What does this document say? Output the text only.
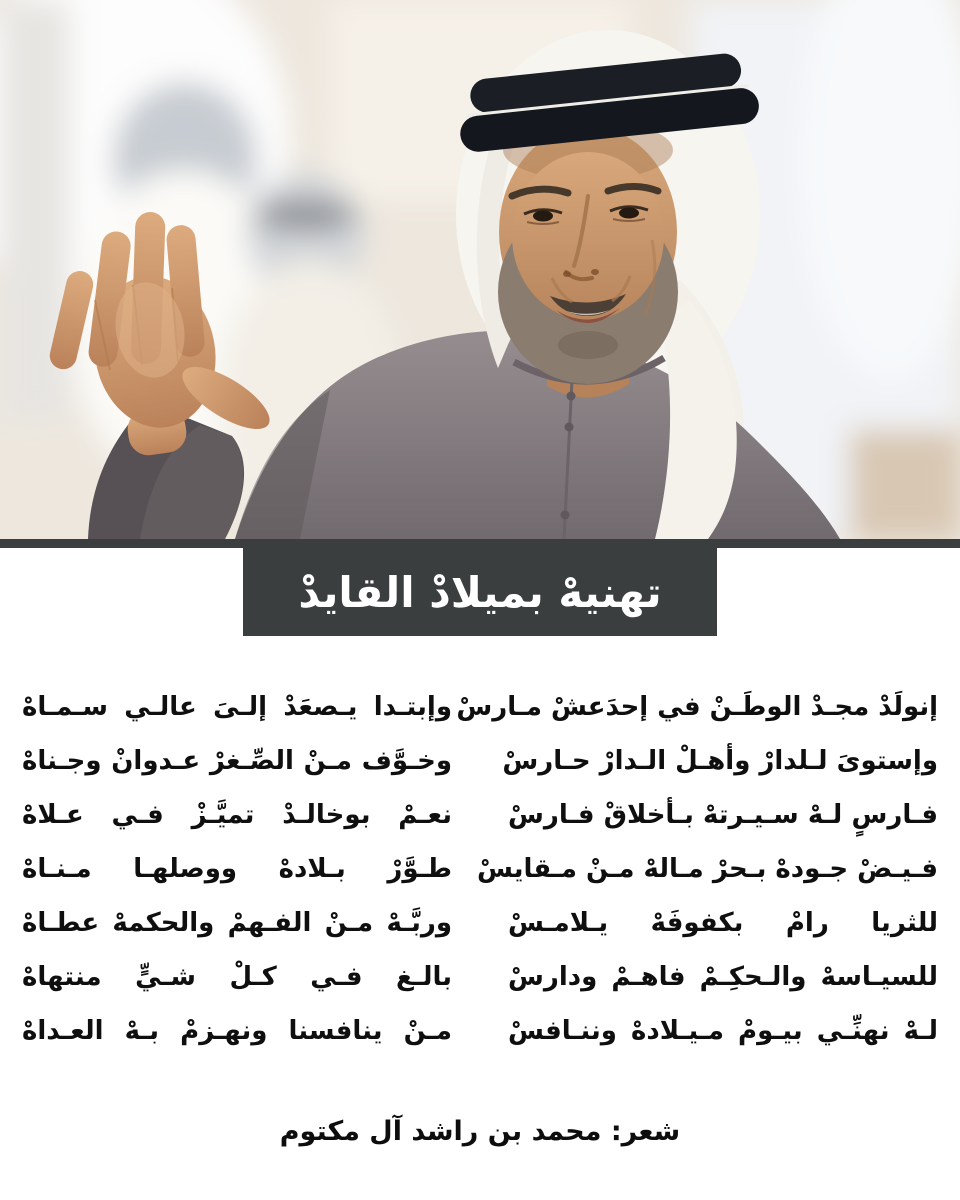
تهنيهْ بميلادْ القايدْ
إنولَدْ مجـدْ الوطَـنْ في إحدَعشْ مـارسْ
وإستوىَ لـلدارْ وأهـلْ الـدارْ حـارسْ
فـارسٍ لـهْ سـيـرتهْ بـأخلاقْ فـارسْ
فـيـضْ جـودهْ بـحرْ مـالهْ مـنْ مـقايسْ
للثريا رامْ بكفوفَهْ يـلامـسْ
للسيـاسهْ والـحكِـمْ فاهـمْ ودارسْ
لـهْ نهنِّـي بيـومْ مـيـلادهْ وننـافسْ
وإبتـدا يـصعَدْ إلـىَ عالـي سـمـاهْ
وخـوَّف مـنْ الصِّـغرْ عـدوانْ وجـناهْ
نعـمْ بوخالـدْ تميَّـزْ فـي عـلاهْ
طـوَّرْ بـلادهْ ووصلهـا مـنـاهْ
وربَّـهْ مـنْ الفـهمْ والحكمهْ عطـاهْ
بالـغ فـي كـلْ شـيٍّ منتهاهْ
مـنْ ينافسنا ونهـزمْ بـهْ العـداهْ
شعر: محمد بن راشد آل مكتوم
